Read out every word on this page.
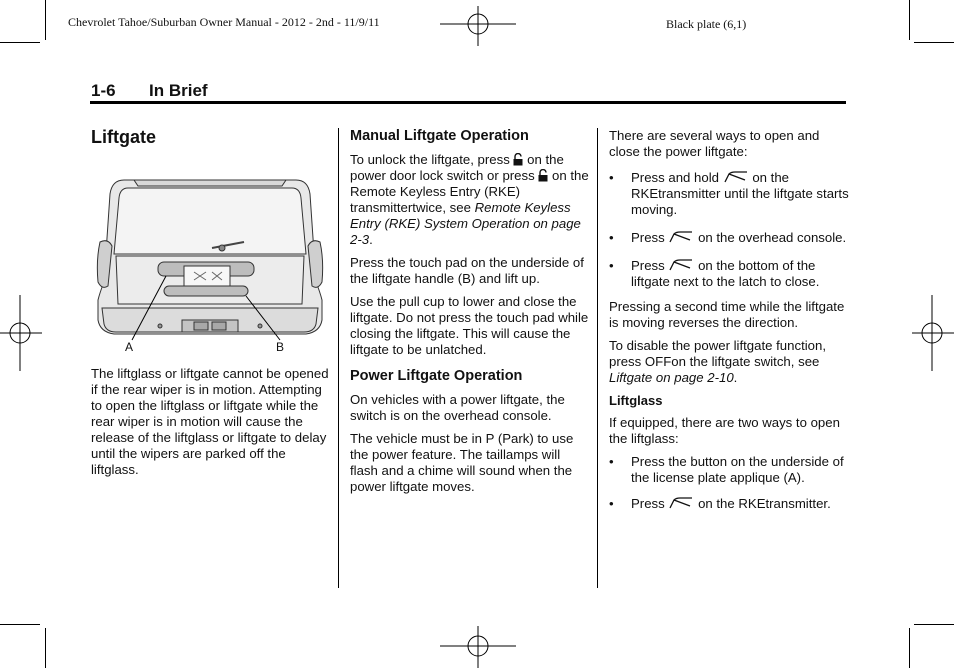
Chevrolet Tahoe/Suburban Owner Manual - 2012 - 2nd - 11/9/11	Black plate (6,1)
1-6 In Brief
Liftgate
A	B

The liftglass or liftgate cannot be opened if the rear wiper is in motion. Attempting to open the liftglass or liftgate while the rear wiper is in motion will cause the release of the liftglass or liftgate to delay until the wipers are parked off the liftglass.

Manual Liftgate Operation

To unlock the liftgate, press on the power door lock switch or press on the Remote Keyless Entry (RKE) transmittertwice, see Remote Keyless Entry (RKE) System Operation on page 2-3.

Press the touch pad on the underside of the liftgate handle (B) and lift up.

Use the pull cup to lower and close the liftgate. Do not press the touch pad while closing the liftgate. This will cause the liftgate to be unlatched.

Power Liftgate Operation

On vehicles with a power liftgate, the switch is on the overhead console.

The vehicle must be in P (Park) to use the power feature. The taillamps will flash and a chime will sound when the power liftgate moves.

There are several ways to open and close the power liftgate:

• Press and hold	on the RKEtransmitter until the liftgate starts moving.
• Press	on the overhead console.
• Press	on the bottom of the liftgate next to the latch to close.

Pressing a second time while the liftgate is moving reverses the direction.

To disable the power liftgate function, press OFFon the liftgate switch, see Liftgate on page 2-10.

Liftglass

If equipped, there are two ways to open the liftglass:

• Press the button on the underside of the license plate applique (A).
• Press	on the RKEtransmitter.
